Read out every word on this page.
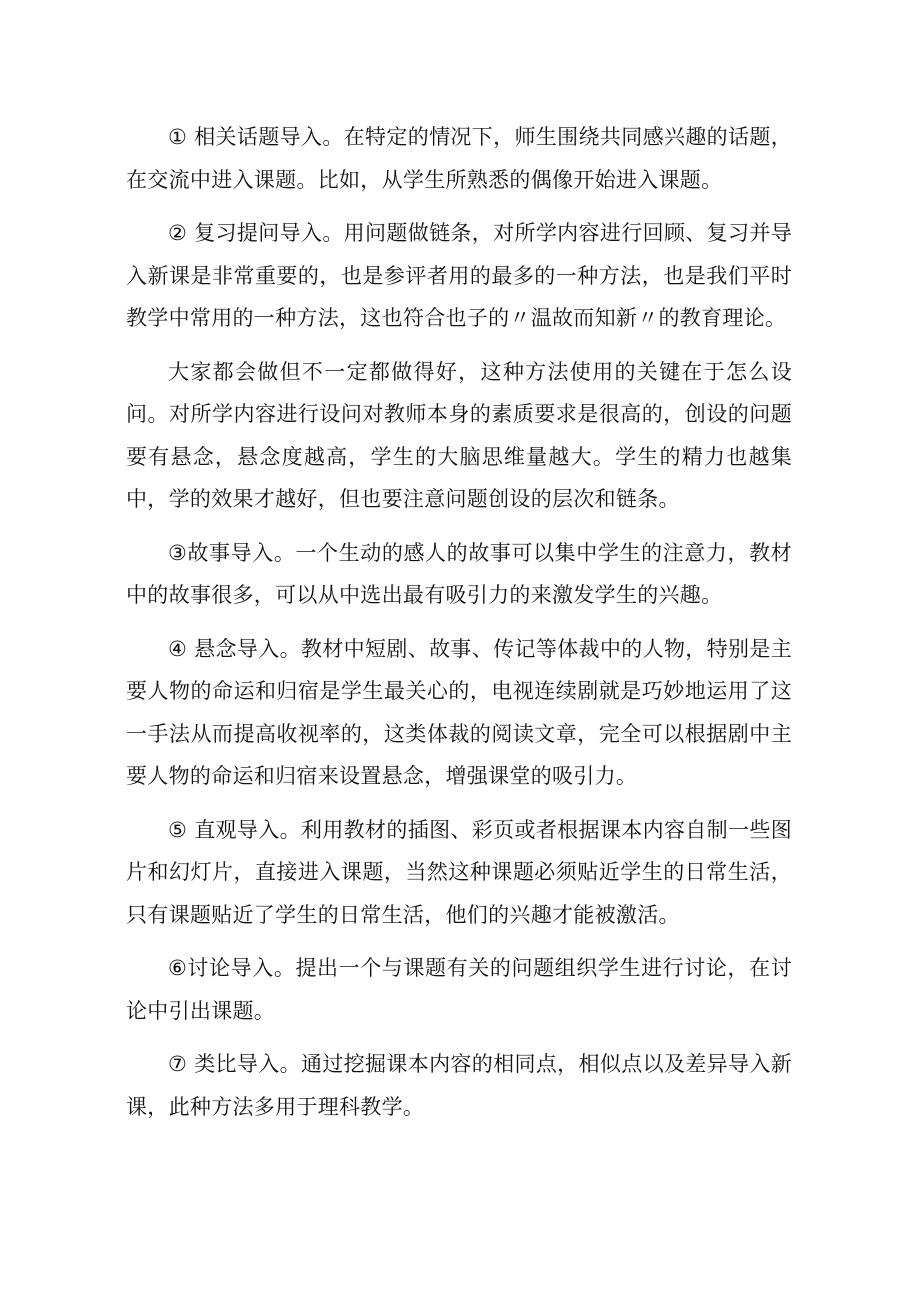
① 相关话题导入。在特定的情况下，师生围绕共同感兴趣的话题，在交流中进入课题。比如，从学生所熟悉的偶像开始进入课题。

② 复习提问导入。用问题做链条，对所学内容进行回顾、复习并导入新课是非常重要的，也是参评者用的最多的一种方法，也是我们平时教学中常用的一种方法，这也符合也子的〃温故而知新〃的教育理论。

大家都会做但不一定都做得好，这种方法使用的关键在于怎么设问。对所学内容进行设问对教师本身的素质要求是很高的，创设的问题要有悬念，悬念度越高，学生的大脑思维量越大。学生的精力也越集中，学的效果才越好，但也要注意问题创设的层次和链条。

③故事导入。一个生动的感人的故事可以集中学生的注意力，教材中的故事很多，可以从中选出最有吸引力的来激发学生的兴趣。

④ 悬念导入。教材中短剧、故事、传记等体裁中的人物，特别是主要人物的命运和归宿是学生最关心的，电视连续剧就是巧妙地运用了这一手法从而提高收视率的，这类体裁的阅读文章，完全可以根据剧中主要人物的命运和归宿来设置悬念，增强课堂的吸引力。

⑤ 直观导入。利用教材的插图、彩页或者根据课本内容自制一些图片和幻灯片，直接进入课题，当然这种课题必须贴近学生的日常生活，只有课题贴近了学生的日常生活，他们的兴趣才能被激活。

⑥讨论导入。提出一个与课题有关的问题组织学生进行讨论，在讨论中引出课题。

⑦ 类比导入。通过挖掘课本内容的相同点，相似点以及差异导入新课，此种方法多用于理科教学。
